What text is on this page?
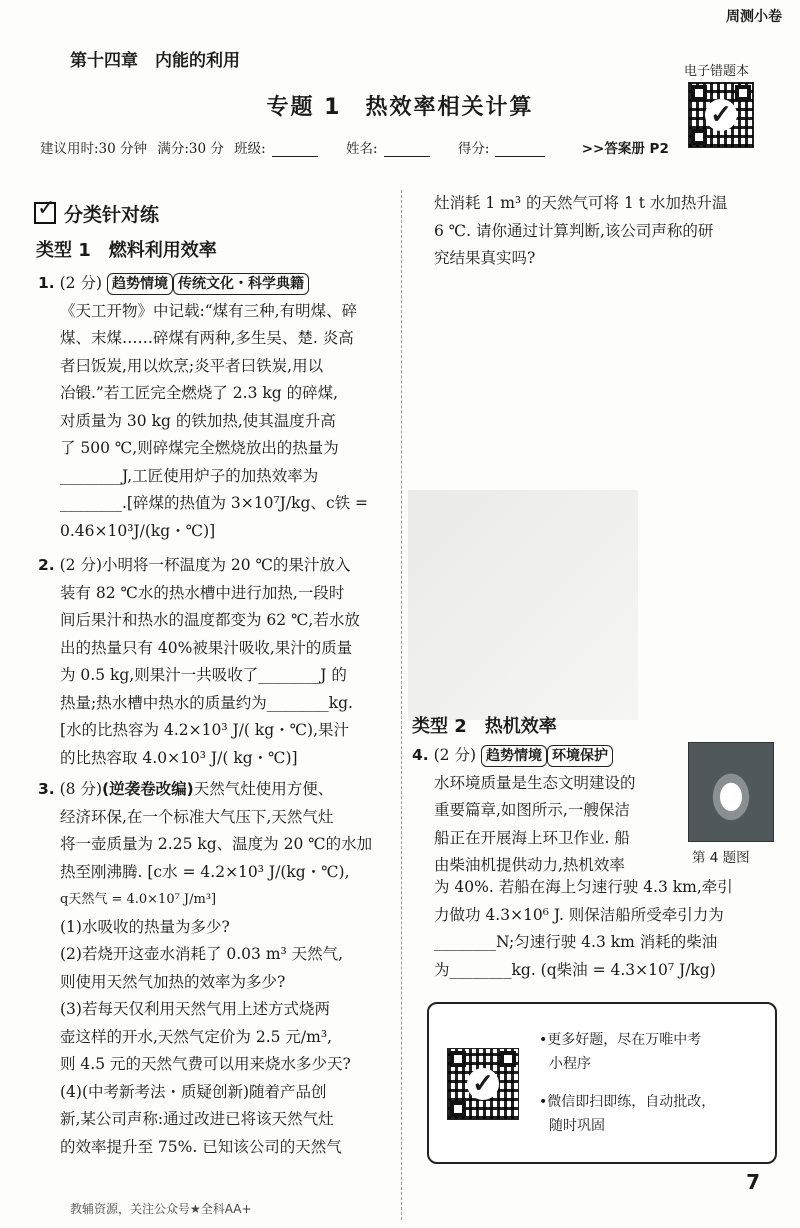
周测小卷
第十四章　内能的利用
电子错题本
✓
专题 1　热效率相关计算
建议用时:30 分钟 满分:30 分 班级:	姓名:	得分:	>>答案册 P2
✓分类针对练
类型 1　燃料利用效率

1. (2 分) 趋势情境 传统文化・科学典籍

《天工开物》中记载:“煤有三种,有明煤、碎

煤、末煤……碎煤有两种,多生吴、楚. 炎高

者曰饭炭,用以炊烹;炎平者曰铁炭,用以

冶锻.”若工匠完全燃烧了 2.3 kg 的碎煤,

对质量为 30 kg 的铁加热,使其温度升高

了 500 ℃,则碎煤完全燃烧放出的热量为

________J,工匠使用炉子的加热效率为

________.[碎煤的热值为 3×10⁷J/kg、c铁 =

0.46×10³J/(kg・℃)]

2. (2 分)小明将一杯温度为 20 ℃的果汁放入

装有 82 ℃水的热水槽中进行加热,一段时

间后果汁和热水的温度都变为 62 ℃,若水放

出的热量只有 40%被果汁吸收,果汁的质量

为 0.5 kg,则果汁一共吸收了________J 的

热量;热水槽中热水的质量约为________kg.

[水的比热容为 4.2×10³ J/( kg・℃),果汁

的比热容取 4.0×10³ J/( kg・℃)]

3. (8 分)(逆袭卷改编)天然气灶使用方便、

经济环保,在一个标准大气压下,天然气灶

将一壶质量为 2.25 kg、温度为 20 ℃的水加

热至刚沸腾. [c水 = 4.2×10³ J/(kg・℃),

q天然气 = 4.0×10⁷ J/m³]

(1)水吸收的热量为多少?

(2)若烧开这壶水消耗了 0.03 m³ 天然气,

则使用天然气加热的效率为多少?

(3)若每天仅利用天然气用上述方式烧两

壶这样的开水,天然气定价为 2.5 元/m³,

则 4.5 元的天然气费可以用来烧水多少天?

(4)(中考新考法・质疑创新)随着产品创

新,某公司声称:通过改进已将该天然气灶

的效率提升至 75%. 已知该公司的天然气

灶消耗 1 m³ 的天然气可将 1 t 水加热升温

6 ℃. 请你通过计算判断,该公司声称的研

究结果真实吗?

类型 2　热机效率

4. (2 分) 趋势情境 环境保护

水环境质量是生态文明建设的

重要篇章,如图所示,一艘保洁

船正在开展海上环卫作业. 船

由柴油机提供动力,热机效率	第 4 题图

为 40%. 若船在海上匀速行驶 4.3 km,牵引

力做功 4.3×10⁶ J. 则保洁船所受牵引力为

________N;匀速行驶 4.3 km 消耗的柴油

为________kg. (q柴油 = 4.3×10⁷ J/kg)

✓
•更多好题，尽在万唯中考
小程序
•微信即扫即练，自动批改，
随时巩固
7
教辅资源，关注公众号★全科AA+
